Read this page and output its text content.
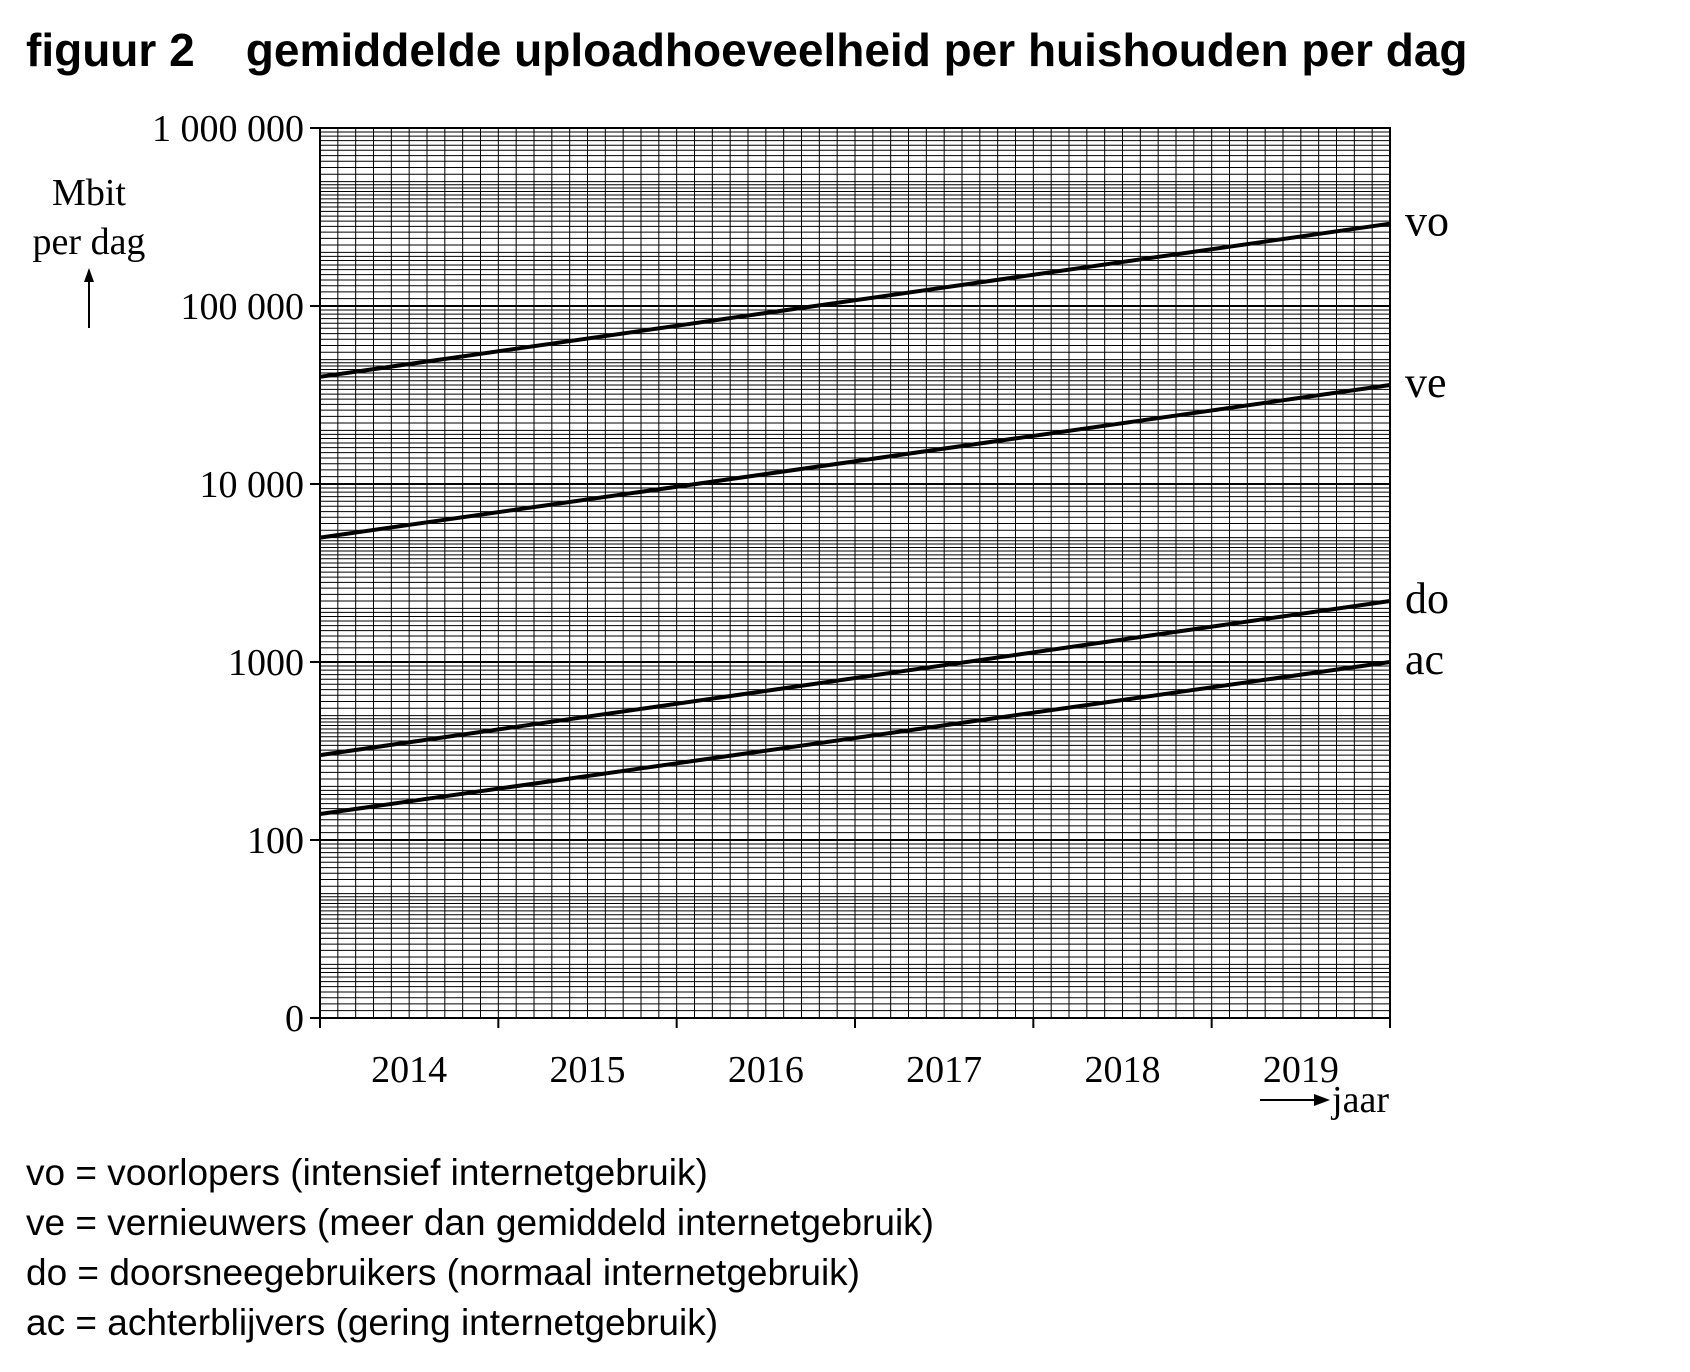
figuur 2    gemiddelde uploadhoeveelheid per huishouden per dag
1 000 000
100 000
10 000
1000
100
0
2014	2015	2016	2017	2018	2019
vo
ve
do
ac
Mbit
per dag
jaar
vo = voorlopers (intensief internetgebruik)
ve = vernieuwers (meer dan gemiddeld internetgebruik)
do = doorsneegebruikers (normaal internetgebruik)
ac = achterblijvers (gering internetgebruik)
